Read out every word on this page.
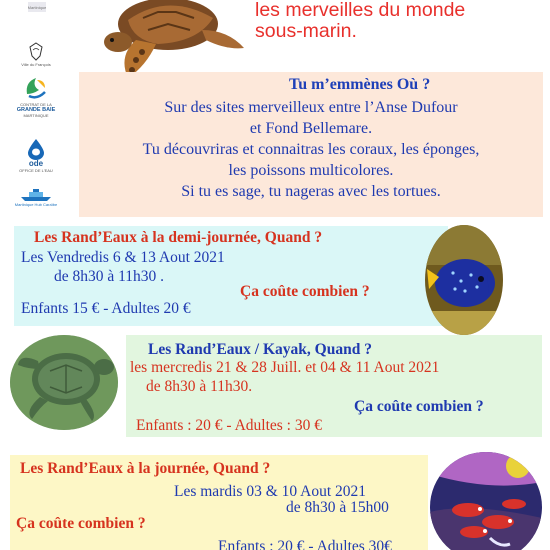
Martinique
Ville du François
CONTRAT DE LA
GRANDE BAIE
MARTINIQUE
ode
OFFICE DE L'EAU
Martinique Hub Caraïbe
les merveilles du monde
sous-marin.
Tu m’emmènes Où ?
Sur des sites merveilleux entre l’Anse Dufour
et Fond Bellemare.
Tu découvriras et connaitras les coraux, les éponges,
les poissons multicolores.
Si tu es sage, tu nageras avec les tortues.
Les Rand’Eaux à la demi-journée, Quand ?
Les Vendredis 6 & 13 Aout 2021
de 8h30 à 11h30 .
Ça coûte combien ?
Enfants 15 € - Adultes 20 €
Les Rand’Eaux / Kayak, Quand ?
les mercredis 21 & 28 Juill. et 04 & 11 Aout 2021
de 8h30 à 11h30.
Ça coûte combien ?
Enfants : 20 € - Adultes : 30 €
Les Rand’Eaux à la journée, Quand ?
Les mardis 03 & 10 Aout 2021
de 8h30 à 15h00
Ça coûte combien ?
Enfants : 20 € - Adultes 30€
